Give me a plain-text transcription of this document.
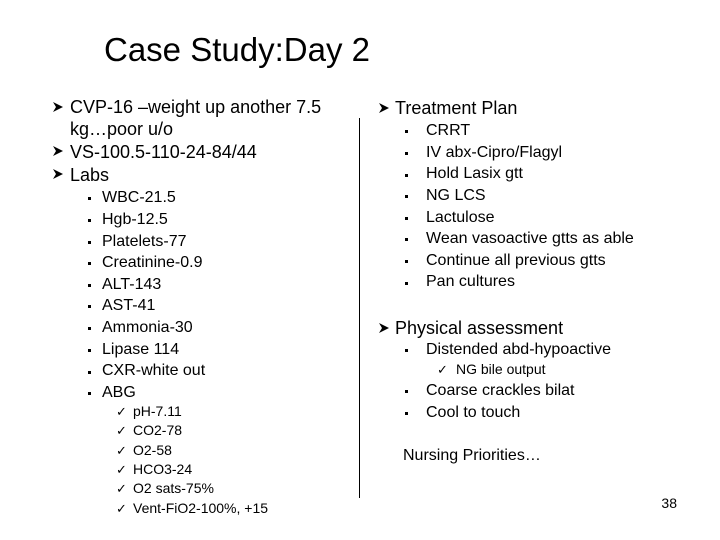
Case Study:Day 2
CVP-16 –weight up another 7.5
kg…poor u/o
VS-100.5-110-24-84/44
Labs
WBC-21.5
Hgb-12.5
Platelets-77
Creatinine-0.9
ALT-143
AST-41
Ammonia-30
Lipase 114
CXR-white out
ABG
✓ pH-7.11
✓ CO2-78
✓ O2-58
✓ HCO3-24
✓ O2 sats-75%
✓ Vent-FiO2-100%, +15
Treatment Plan
CRRT
IV abx-Cipro/Flagyl
Hold Lasix gtt
NG LCS
Lactulose
Wean vasoactive gtts as able
Continue all previous gtts
Pan cultures
Physical assessment
Distended abd-hypoactive
✓ NG bile output
Coarse crackles bilat
Cool to touch
Nursing Priorities…
38
